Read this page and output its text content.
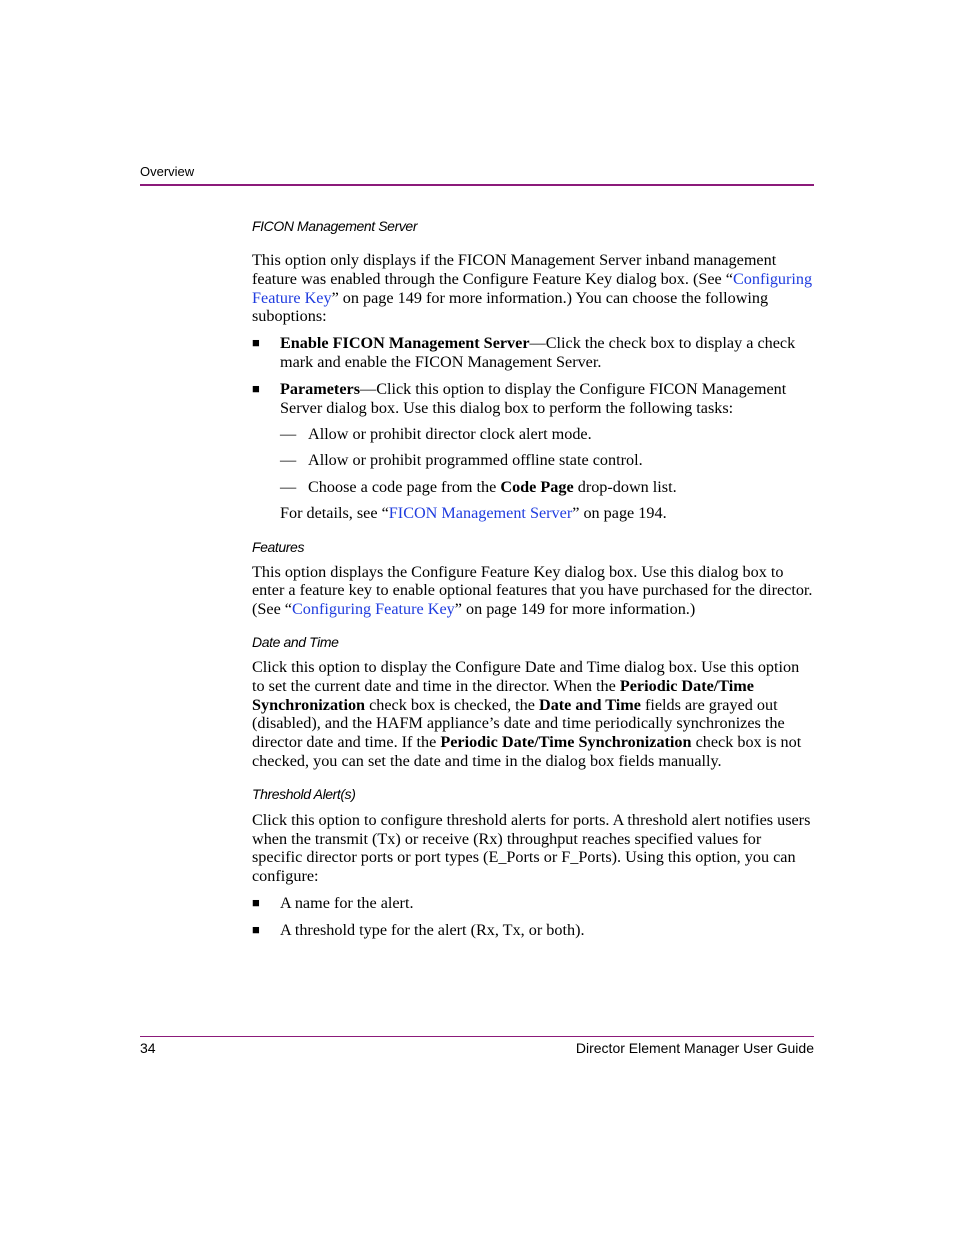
Overview
FICON Management Server

This option only displays if the FICON Management Server inband management feature was enabled through the Configure Feature Key dialog box. (See “Configuring Feature Key” on page 149 for more information.) You can choose the following suboptions:

■ Enable FICON Management Server—Click the check box to display a check mark and enable the FICON Management Server.
■ Parameters—Click this option to display the Configure FICON Management Server dialog box. Use this dialog box to perform the following tasks:
— Allow or prohibit director clock alert mode.
— Allow or prohibit programmed offline state control.
— Choose a code page from the Code Page drop-down list.

For details, see “FICON Management Server” on page 194.

Features

This option displays the Configure Feature Key dialog box. Use this dialog box to enter a feature key to enable optional features that you have purchased for the director. (See “Configuring Feature Key” on page 149 for more information.)

Date and Time

Click this option to display the Configure Date and Time dialog box. Use this option to set the current date and time in the director. When the Periodic Date/Time Synchronization check box is checked, the Date and Time fields are grayed out (disabled), and the HAFM appliance’s date and time periodically synchronizes the director date and time. If the Periodic Date/Time Synchronization check box is not checked, you can set the date and time in the dialog box fields manually.

Threshold Alert(s)

Click this option to configure threshold alerts for ports. A threshold alert notifies users when the transmit (Tx) or receive (Rx) throughput reaches specified values for specific director ports or port types (E_Ports or F_Ports). Using this option, you can configure:

■ A name for the alert.
■ A threshold type for the alert (Rx, Tx, or both).
34	Director Element Manager User Guide
